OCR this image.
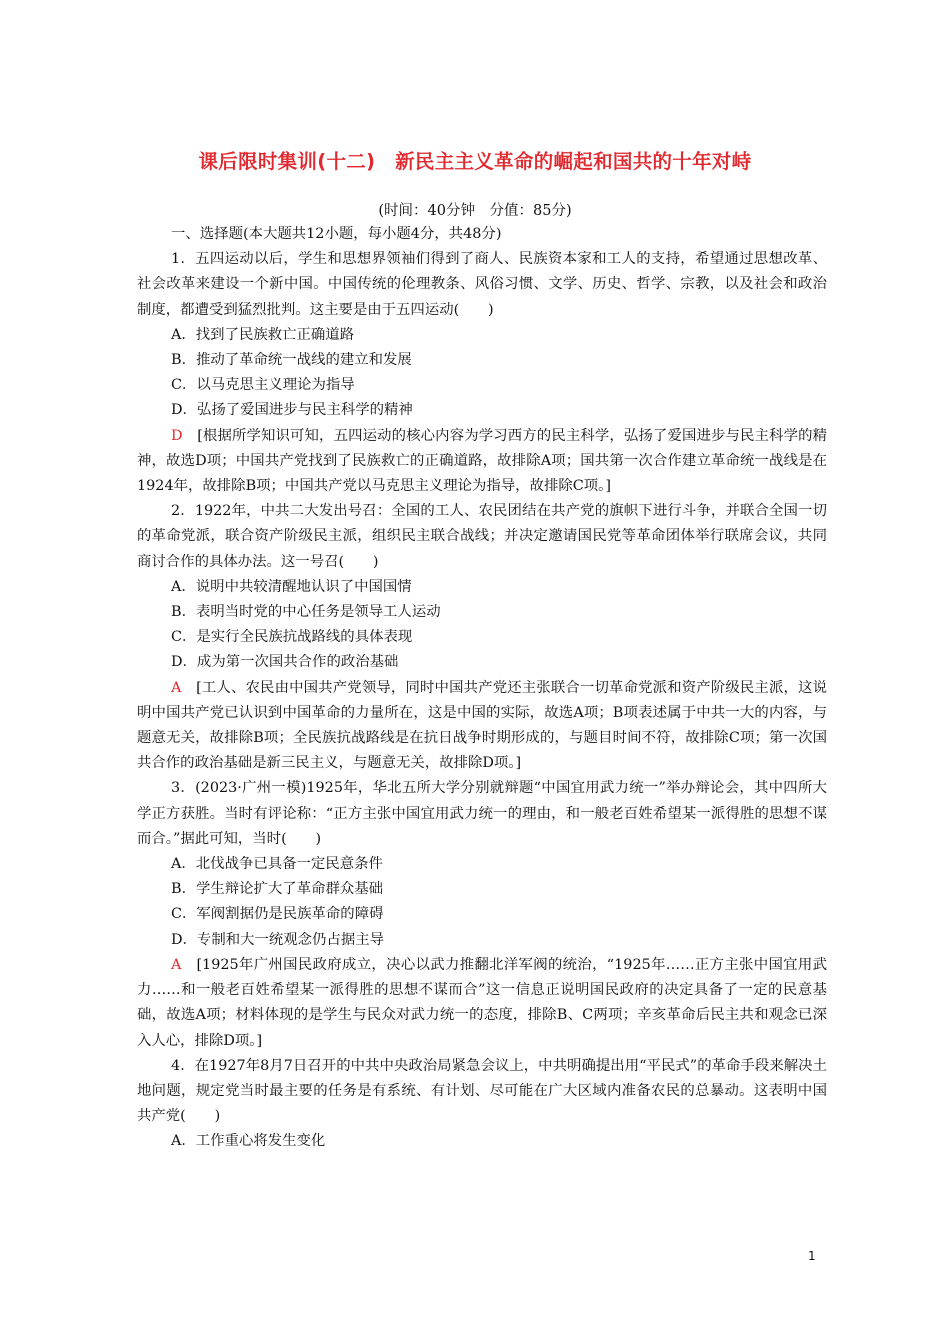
课后限时集训(十二)　新民主主义革命的崛起和国共的十年对峙
(时间：40分钟　分值：85分)

一、选择题(本大题共12小题，每小题4分，共48分)

1．五四运动以后，学生和思想界领袖们得到了商人、民族资本家和工人的支持，希望通过思想改革、社会改革来建设一个新中国。中国传统的伦理教条、风俗习惯、文学、历史、哲学、宗教，以及社会和政治制度，都遭受到猛烈批判。这主要是由于五四运动(　　)

A．找到了民族救亡正确道路

B．推动了革命统一战线的建立和发展

C．以马克思主义理论为指导

D．弘扬了爱国进步与民主科学的精神

D　[根据所学知识可知，五四运动的核心内容为学习西方的民主科学，弘扬了爱国进步与民主科学的精神，故选D项；中国共产党找到了民族救亡的正确道路，故排除A项；国共第一次合作建立革命统一战线是在1924年，故排除B项；中国共产党以马克思主义理论为指导，故排除C项。]

2．1922年，中共二大发出号召：全国的工人、农民团结在共产党的旗帜下进行斗争，并联合全国一切的革命党派，联合资产阶级民主派，组织民主联合战线；并决定邀请国民党等革命团体举行联席会议，共同商讨合作的具体办法。这一号召(　　)

A．说明中共较清醒地认识了中国国情

B．表明当时党的中心任务是领导工人运动

C．是实行全民族抗战路线的具体表现

D．成为第一次国共合作的政治基础

A　[工人、农民由中国共产党领导，同时中国共产党还主张联合一切革命党派和资产阶级民主派，这说明中国共产党已认识到中国革命的力量所在，这是中国的实际，故选A项；B项表述属于中共一大的内容，与题意无关，故排除B项；全民族抗战路线是在抗日战争时期形成的，与题目时间不符，故排除C项；第一次国共合作的政治基础是新三民主义，与题意无关，故排除D项。]

3．(2023·广州一模)1925年，华北五所大学分别就辩题“中国宜用武力统一”举办辩论会，其中四所大学正方获胜。当时有评论称：“正方主张中国宜用武力统一的理由，和一般老百姓希望某一派得胜的思想不谋而合。”据此可知，当时(　　)

A．北伐战争已具备一定民意条件

B．学生辩论扩大了革命群众基础

C．军阀割据仍是民族革命的障碍

D．专制和大一统观念仍占据主导

A　[1925年广州国民政府成立，决心以武力推翻北洋军阀的统治，“1925年……正方主张中国宜用武力……和一般老百姓希望某一派得胜的思想不谋而合”这一信息正说明国民政府的决定具备了一定的民意基础，故选A项；材料体现的是学生与民众对武力统一的态度，排除B、C两项；辛亥革命后民主共和观念已深入人心，排除D项。]

4．在1927年8月7日召开的中共中央政治局紧急会议上，中共明确提出用“平民式”的革命手段来解决土地问题，规定党当时最主要的任务是有系统、有计划、尽可能在广大区域内准备农民的总暴动。这表明中国共产党(　　)

A．工作重心将发生变化

1
